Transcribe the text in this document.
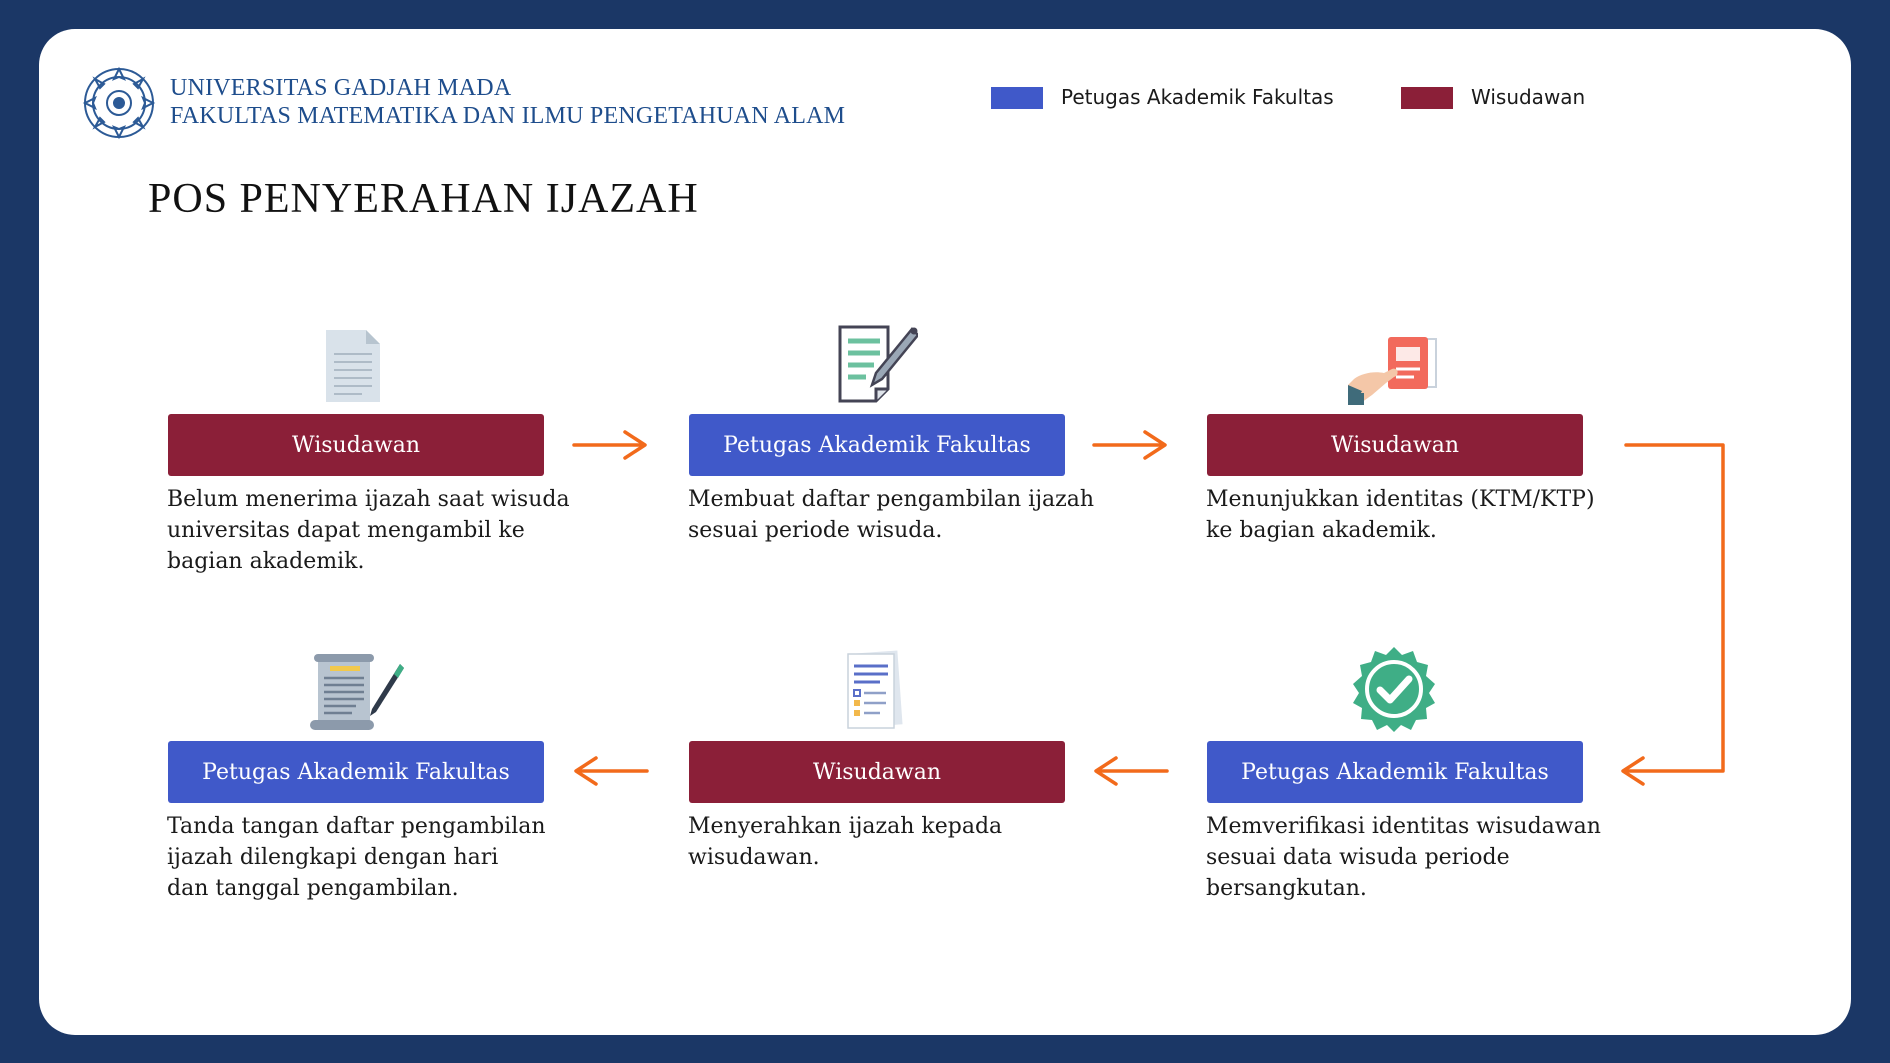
UNIVERSITAS GADJAH MADA
FAKULTAS MATEMATIKA DAN ILMU PENGETAHUAN ALAM
Petugas Akademik Fakultas	Wisudawan
POS PENYERAHAN IJAZAH
Wisudawan	Petugas Akademik Fakultas	Wisudawan
Petugas Akademik Fakultas
Wisudawan
Petugas Akademik Fakultas
Belum menerima ijazah saat wisuda
universitas dapat mengambil ke
bagian akademik.
Membuat daftar pengambilan ijazah
sesuai periode wisuda.
Menunjukkan identitas (KTM/KTP)
ke bagian akademik.
Memverifikasi identitas wisudawan
sesuai data wisuda periode bersangkutan.
Menyerahkan ijazah kepada wisudawan.
Tanda tangan daftar pengambilan
ijazah dilengkapi dengan hari
dan tanggal pengambilan.
